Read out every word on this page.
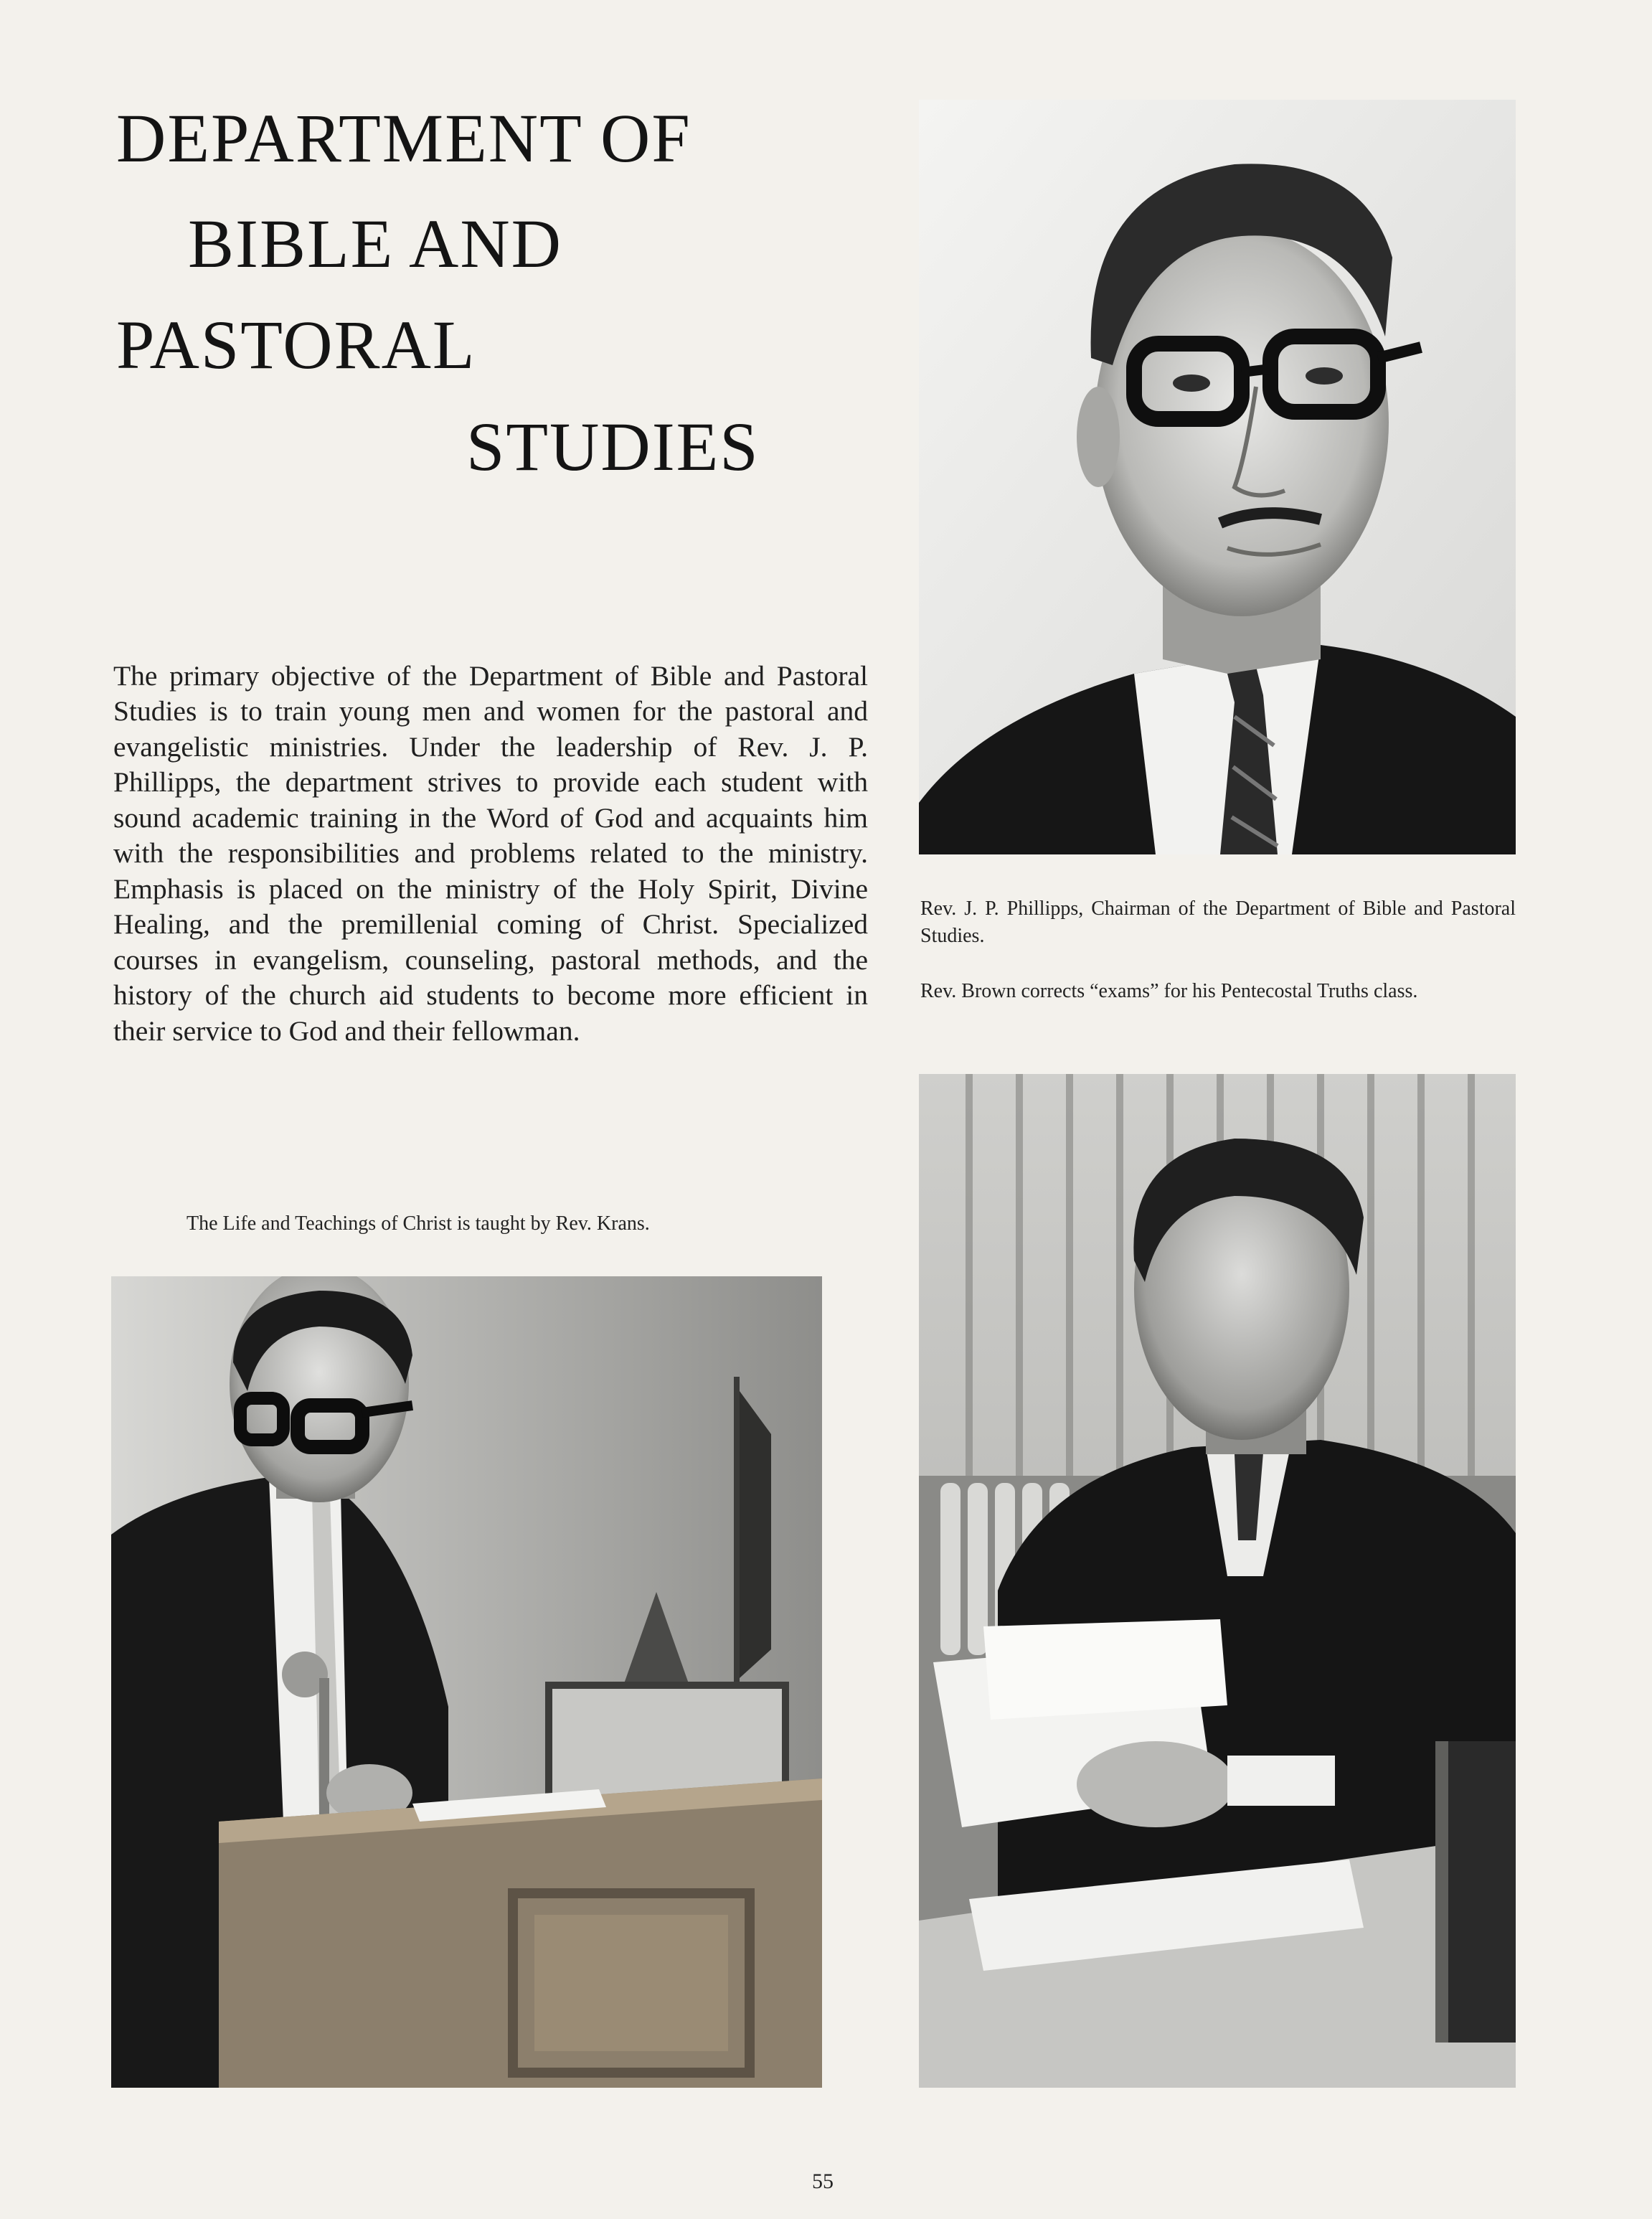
DEPARTMENT OF
BIBLE AND
PASTORAL
STUDIES

The primary objective of the Department of Bible and Pastoral Studies is to train young men and women for the pastoral and evangelistic ministries. Under the leadership of Rev. J. P. Phillipps, the department strives to provide each student with sound academic training in the Word of God and acquaints him with the responsibilities and problems related to the ministry. Emphasis is placed on the ministry of the Holy Spirit, Divine Healing, and the premillenial coming of Christ. Specialized courses in evangelism, counseling, pastoral methods, and the history of the church aid students to become more efficient in their service to God and their fellowman.

Rev. J. P. Phillipps, Chairman of the Department of Bible and Pastoral Studies.
Rev. Brown corrects “exams” for his Pentecostal Truths class.
The Life and Teachings of Christ is taught by Rev. Krans.
55
